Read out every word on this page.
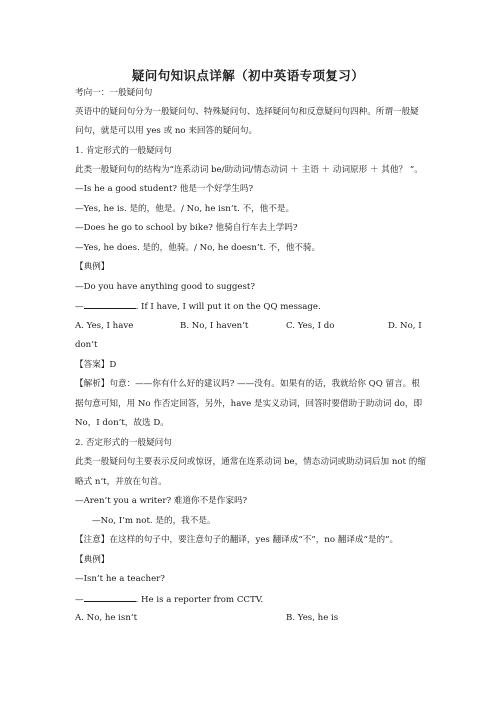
疑问句知识点详解（初中英语专项复习）
考向一：一般疑问句
英语中的疑问句分为一般疑问句、特殊疑问句、选择疑问句和反意疑问句四种。所谓一般疑
问句，就是可以用 yes 或 no 来回答的疑问句。
1. 肯定形式的一般疑问句
此类一般疑问句的结构为“连系动词 be/助动词/情态动词 ＋ 主语 ＋ 动词原形 ＋ 其他？ ”。
—Is he a good student? 他是一个好学生吗?
—Yes, he is. 是的，他是。/ No, he isn’t. 不，他不是。
—Does he go to school by bike? 他骑自行车去上学吗?
—Yes, he does. 是的，他骑。/ No, he doesn’t. 不，他不骑。
【典例】
—Do you have anything good to suggest?
—	. If I have, I will put it on the QQ message.
A. Yes, I have	B. No, I haven’t	C. Yes, I do	D. No, I
don’t
【答案】D
【解析】句意：——你有什么好的建议吗? ——没有。如果有的话，我就给你 QQ 留言。根
据句意可知，用 No 作否定回答，另外，have 是实义动词，回答时要借助于助动词 do，即
No，I don’t，故选 D。
2. 否定形式的一般疑问句
此类一般疑问句主要表示反问或惊讶，通常在连系动词 be，情态动词或助动词后加 not 的缩
略式 n’t，并放在句首。
—Aren’t you a writer? 难道你不是作家吗?
—No, I’m not. 是的，我不是。
【注意】在这样的句子中，要注意句子的翻译，yes 翻译成“不”，no 翻译成“是的”。
【典例】
—Isn’t he a teacher?
—	. He is a reporter from CCTV.
A. No, he isn’t	B. Yes, he is
